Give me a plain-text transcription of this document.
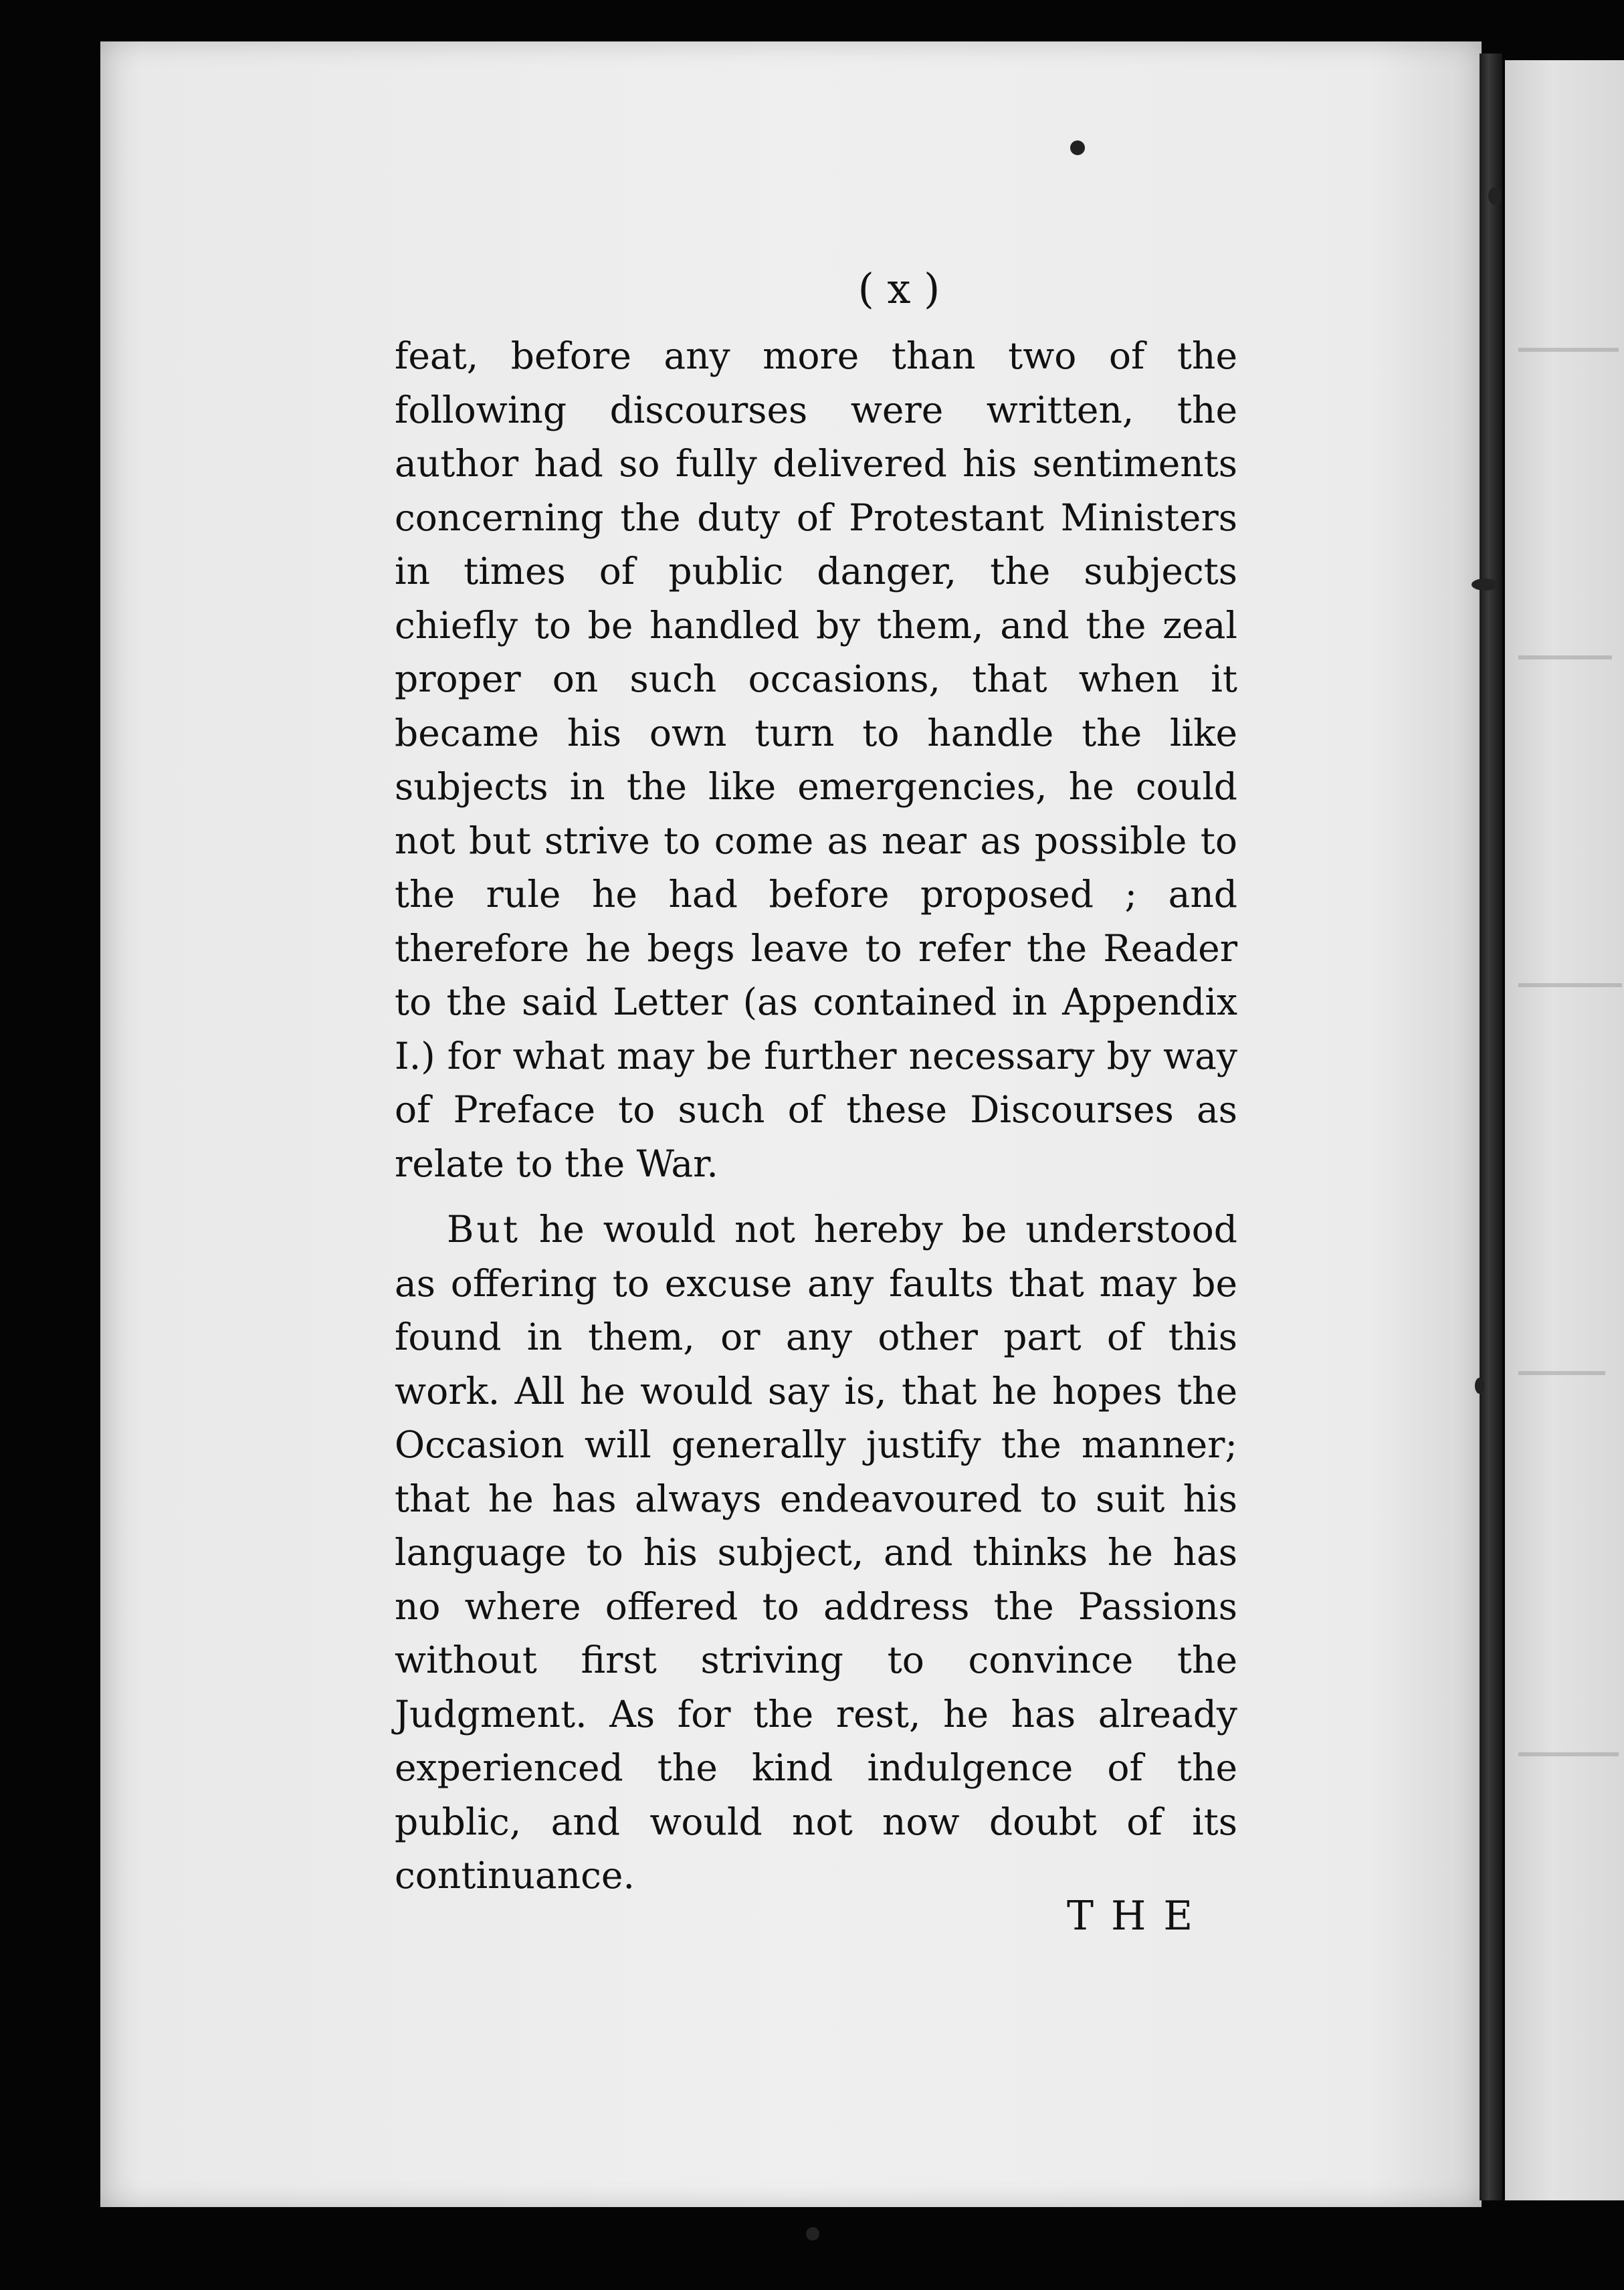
( x )

feat, before any more than two of the following discourses were written, the author had so fully delivered his sentiments concerning the duty of Protestant Ministers in times of public danger, the subjects chiefly to be handled by them, and the zeal proper on such occasions, that when it became his own turn to handle the like subjects in the like emergencies, he could not but strive to come as near as possible to the rule he had before proposed ; and therefore he begs leave to refer the Reader to the said Letter (as contained in Appendix I.) for what may be further necessary by way of Preface to such of these Discourses as relate to the War.

But he would not hereby be understood as offering to excuse any faults that may be found in them, or any other part of this work. All he would say is, that he hopes the Occasion will generally justify the manner; that he has always endeavoured to suit his language to his subject, and thinks he has no where offered to address the Passions without first striving to convince the Judgment. As for the rest, he has already experienced the kind indulgence of the public, and would not now doubt of its continuance.

THE
